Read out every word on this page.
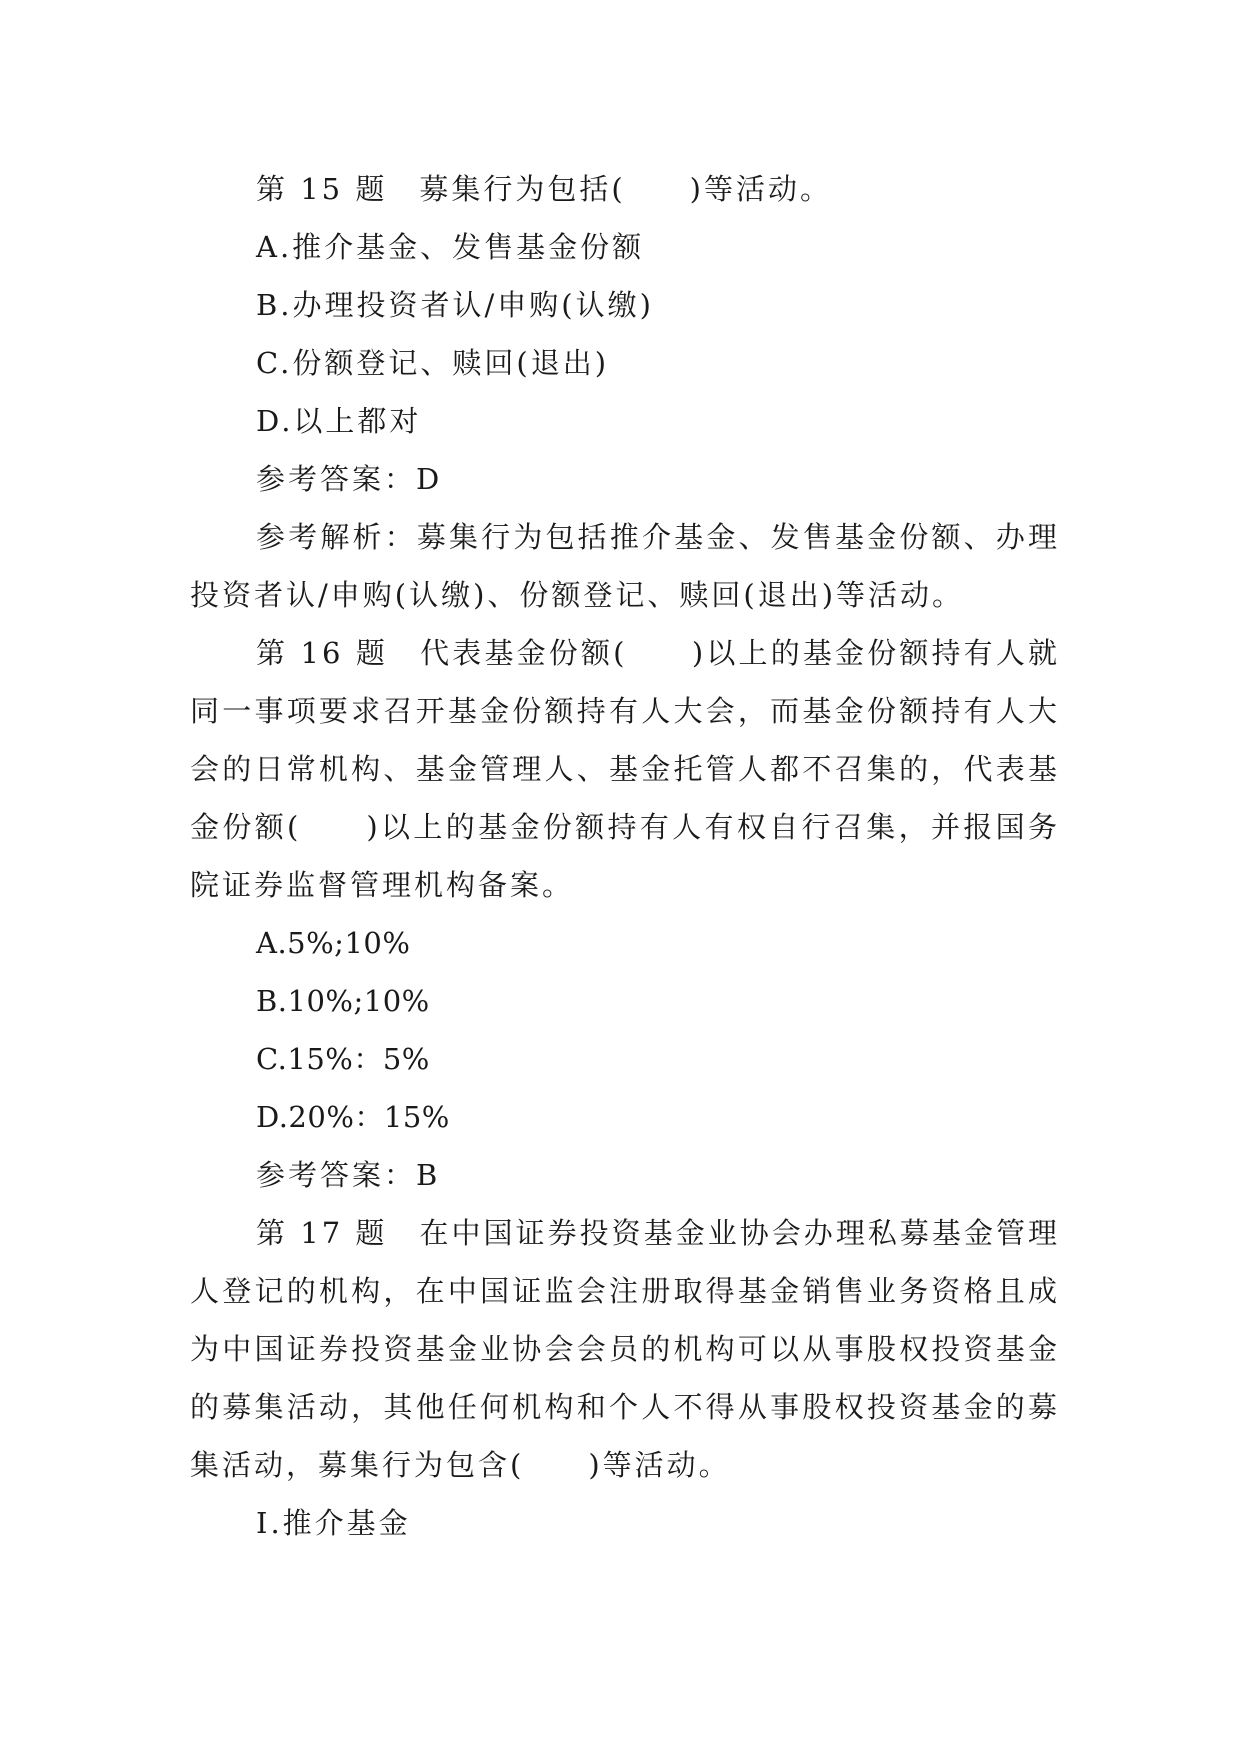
第 15 题　募集行为包括(　　)等活动。

A.推介基金、发售基金份额

B.办理投资者认/申购(认缴)

C.份额登记、赎回(退出)

D.以上都对

参考答案：D

参考解析：募集行为包括推介基金、发售基金份额、办理投资者认/申购(认缴)、份额登记、赎回(退出)等活动。

第 16 题　代表基金份额(　　)以上的基金份额持有人就同一事项要求召开基金份额持有人大会，而基金份额持有人大会的日常机构、基金管理人、基金托管人都不召集的，代表基金份额(　　)以上的基金份额持有人有权自行召集，并报国务院证券监督管理机构备案。

A.5%;10%

B.10%;10%

C.15%：5%

D.20%：15%

参考答案：B

第 17 题　在中国证券投资基金业协会办理私募基金管理人登记的机构，在中国证监会注册取得基金销售业务资格且成为中国证券投资基金业协会会员的机构可以从事股权投资基金的募集活动，其他任何机构和个人不得从事股权投资基金的募集活动，募集行为包含(　　)等活动。

Ⅰ.推介基金
